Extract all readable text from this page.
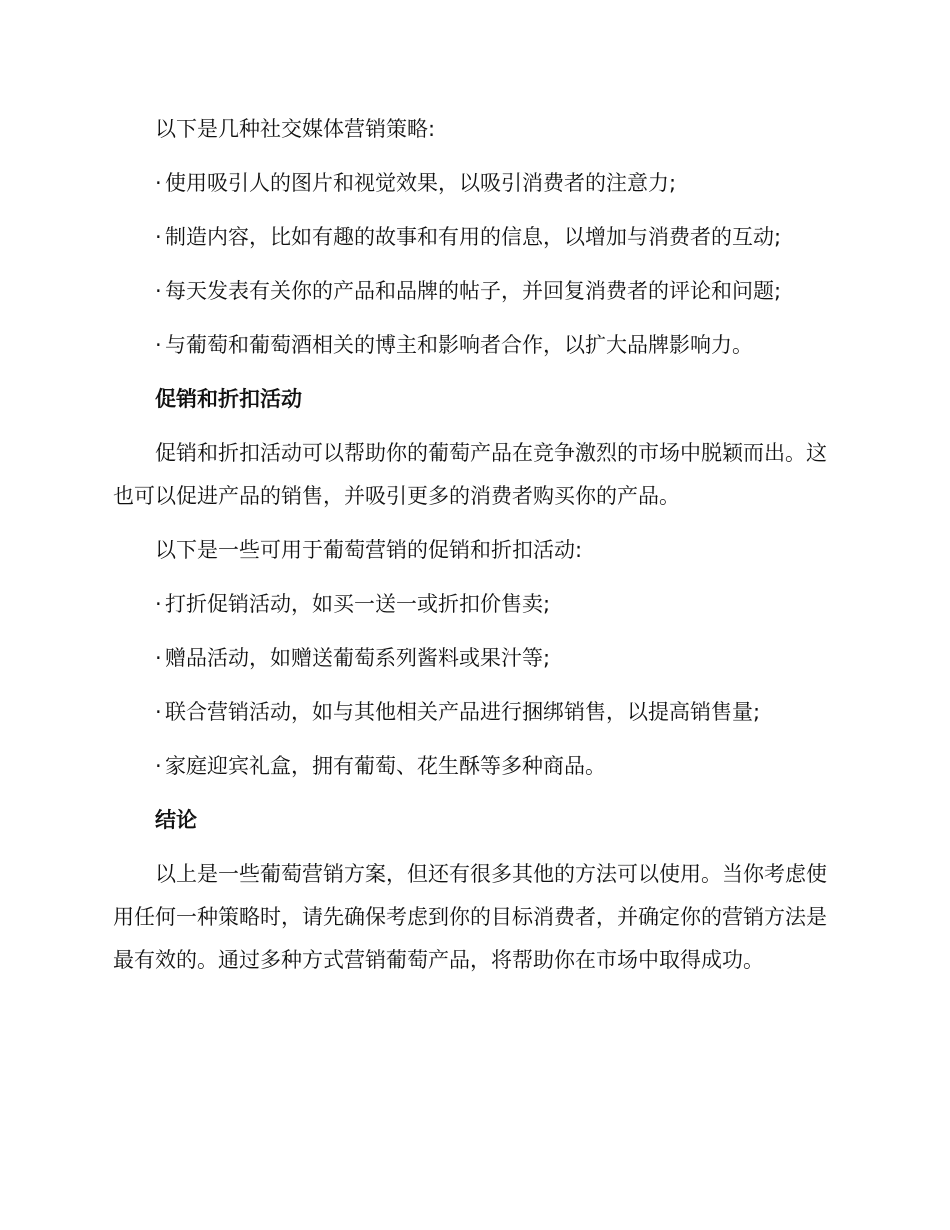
以下是几种社交媒体营销策略:

· 使用吸引人的图片和视觉效果，以吸引消费者的注意力;
· 制造内容，比如有趣的故事和有用的信息，以增加与消费者的互动;
· 每天发表有关你的产品和品牌的帖子，并回复消费者的评论和问题;
· 与葡萄和葡萄酒相关的博主和影响者合作，以扩大品牌影响力。
促销和折扣活动

促销和折扣活动可以帮助你的葡萄产品在竞争激烈的市场中脱颖而出。这也可以促进产品的销售，并吸引更多的消费者购买你的产品。

以下是一些可用于葡萄营销的促销和折扣活动:

· 打折促销活动，如买一送一或折扣价售卖;
· 赠品活动，如赠送葡萄系列酱料或果汁等;
· 联合营销活动，如与其他相关产品进行捆绑销售，以提高销售量;
· 家庭迎宾礼盒，拥有葡萄、花生酥等多种商品。
结论

以上是一些葡萄营销方案，但还有很多其他的方法可以使用。当你考虑使用任何一种策略时，请先确保考虑到你的目标消费者，并确定你的营销方法是最有效的。通过多种方式营销葡萄产品，将帮助你在市场中取得成功。
